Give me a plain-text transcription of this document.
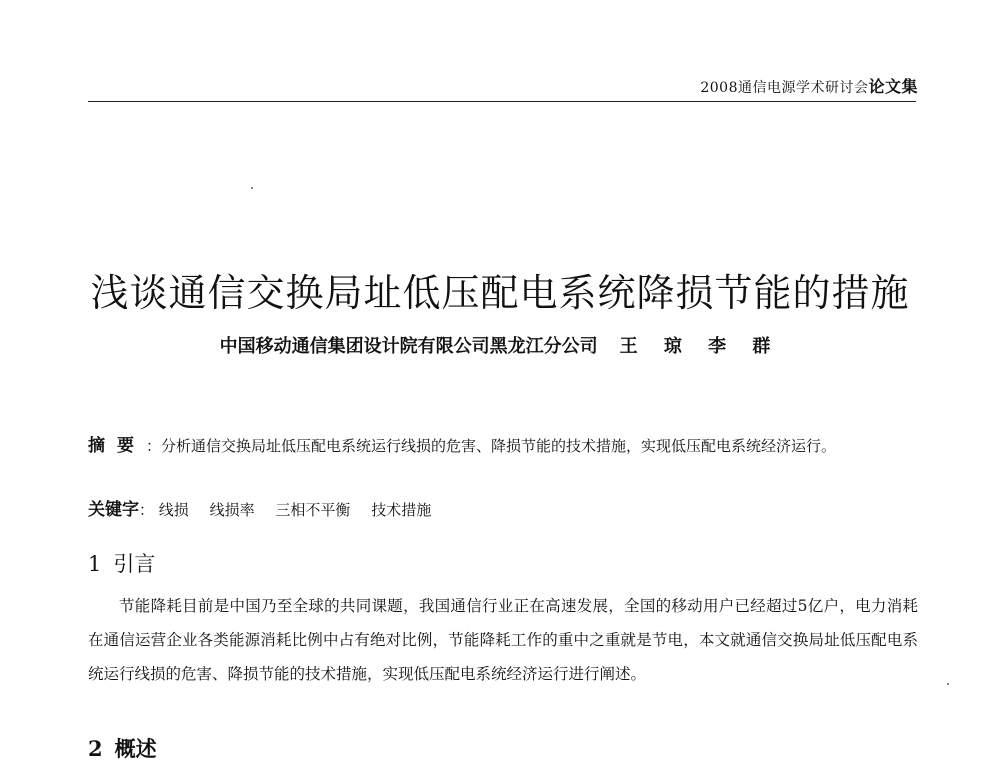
2008通信电源学术研讨会论文集
浅谈通信交换局址低压配电系统降损节能的措施
中国移动通信集团设计院有限公司黑龙江分公司 王 琼 李 群
摘要：分析通信交换局址低压配电系统运行线损的危害、降损节能的技术措施，实现低压配电系统经济运行。
关键字： 线损 线损率 三相不平衡 技术措施
1 引言
节能降耗目前是中国乃至全球的共同课题，我国通信行业正在高速发展，全国的移动用户已经超过5亿户，电力消耗在通信运营企业各类能源消耗比例中占有绝对比例，节能降耗工作的重中之重就是节电，本文就通信交换局址低压配电系统运行线损的危害、降损节能的技术措施，实现低压配电系统经济运行进行阐述。
2 概述
